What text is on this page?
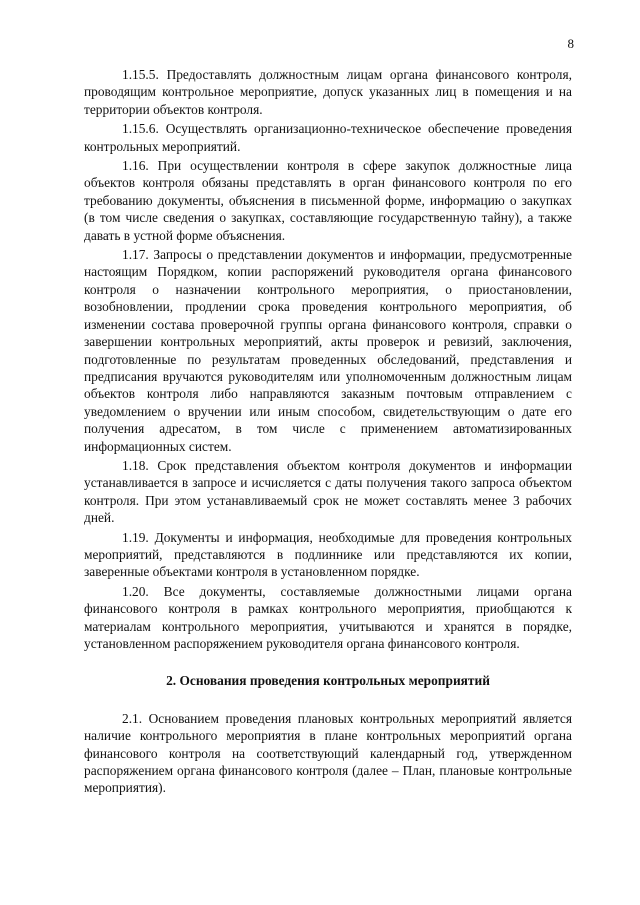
8

1.15.5. Предоставлять должностным лицам органа финансового контроля, проводящим контрольное мероприятие, допуск указанных лиц в помещения и на территории объектов контроля.

1.15.6. Осуществлять организационно-техническое обеспечение проведения контрольных мероприятий.

1.16. При осуществлении контроля в сфере закупок должностные лица объектов контроля обязаны представлять в орган финансового контроля по его требованию документы, объяснения в письменной форме, информацию о закупках (в том числе сведения о закупках, составляющие государственную тайну), а также давать в устной форме объяснения.

1.17. Запросы о представлении документов и информации, предусмотренные настоящим Порядком, копии распоряжений руководителя органа финансового контроля о назначении контрольного мероприятия, о приостановлении, возобновлении, продлении срока проведения контрольного мероприятия, об изменении состава проверочной группы органа финансового контроля, справки о завершении контрольных мероприятий, акты проверок и ревизий, заключения, подготовленные по результатам проведенных обследований, представления и предписания вручаются руководителям или уполномоченным должностным лицам объектов контроля либо направляются заказным почтовым отправлением с уведомлением о вручении или иным способом, свидетельствующим о дате его получения адресатом, в том числе с применением автоматизированных информационных систем.

1.18. Срок представления объектом контроля документов и информации устанавливается в запросе и исчисляется с даты получения такого запроса объектом контроля. При этом устанавливаемый срок не может составлять менее 3 рабочих дней.

1.19. Документы и информация, необходимые для проведения контрольных мероприятий, представляются в подлиннике или представляются их копии, заверенные объектами контроля в установленном порядке.

1.20. Все документы, составляемые должностными лицами органа финансового контроля в рамках контрольного мероприятия, приобщаются к материалам контрольного мероприятия, учитываются и хранятся в порядке, установленном распоряжением руководителя органа финансового контроля.

2. Основания проведения контрольных мероприятий

2.1. Основанием проведения плановых контрольных мероприятий является наличие контрольного мероприятия в плане контрольных мероприятий органа финансового контроля на соответствующий календарный год, утвержденном распоряжением органа финансового контроля (далее – План, плановые контрольные мероприятия).
